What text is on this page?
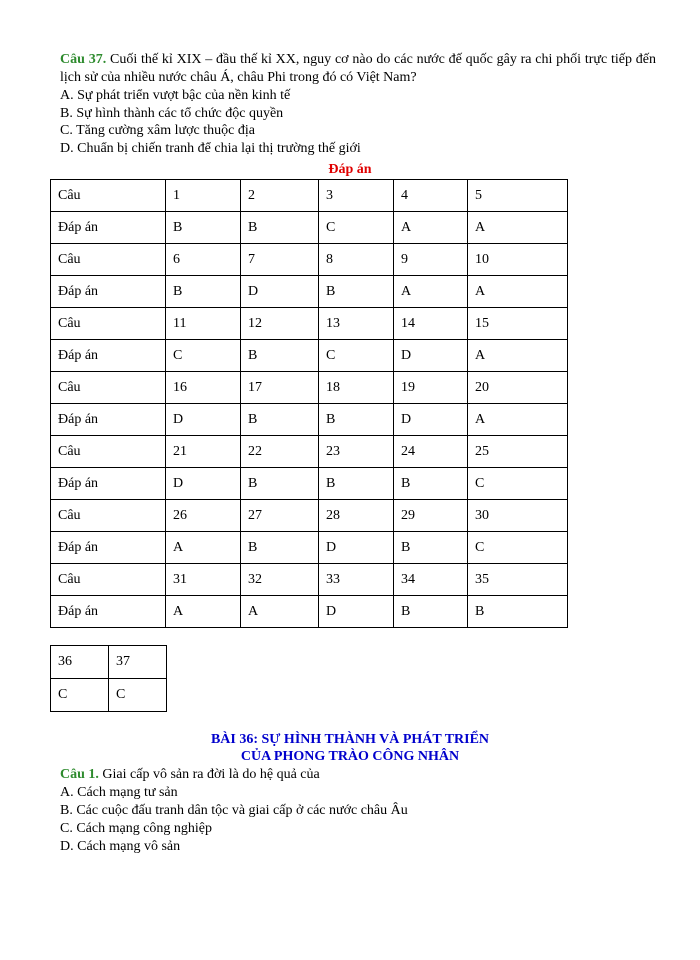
Câu 37. Cuối thế kỉ XIX – đầu thế kỉ XX, nguy cơ nào do các nước đế quốc gây ra chi phối trực tiếp đến lịch sử của nhiều nước châu Á, châu Phi trong đó có Việt Nam?
A. Sự phát triển vượt bậc của nền kinh tế
B. Sự hình thành các tổ chức độc quyền
C. Tăng cường xâm lược thuộc địa
D. Chuẩn bị chiến tranh để chia lại thị trường thế giới
Đáp án
Câu	1	2	3	4	5
Đáp án	B	B	C	A	A
Câu	6	7	8	9	10
Đáp án	B	D	B	A	A
Câu	11	12	13	14	15
Đáp án	C	B	C	D	A
Câu	16	17	18	19	20
Đáp án	D	B	B	D	A
Câu	21	22	23	24	25
Đáp án	D	B	B	B	C
Câu	26	27	28	29	30
Đáp án	A	B	D	B	C
Câu	31	32	33	34	35
Đáp án	A	A	D	B	B
36	37
C	C
BÀI 36: SỰ HÌNH THÀNH VÀ PHÁT TRIỂN
CỦA PHONG TRÀO CÔNG NHÂN
Câu 1. Giai cấp vô sản ra đời là do hệ quả của
A. Cách mạng tư sản
B. Các cuộc đấu tranh dân tộc và giai cấp ở các nước châu Âu
C. Cách mạng công nghiệp
D. Cách mạng vô sản
